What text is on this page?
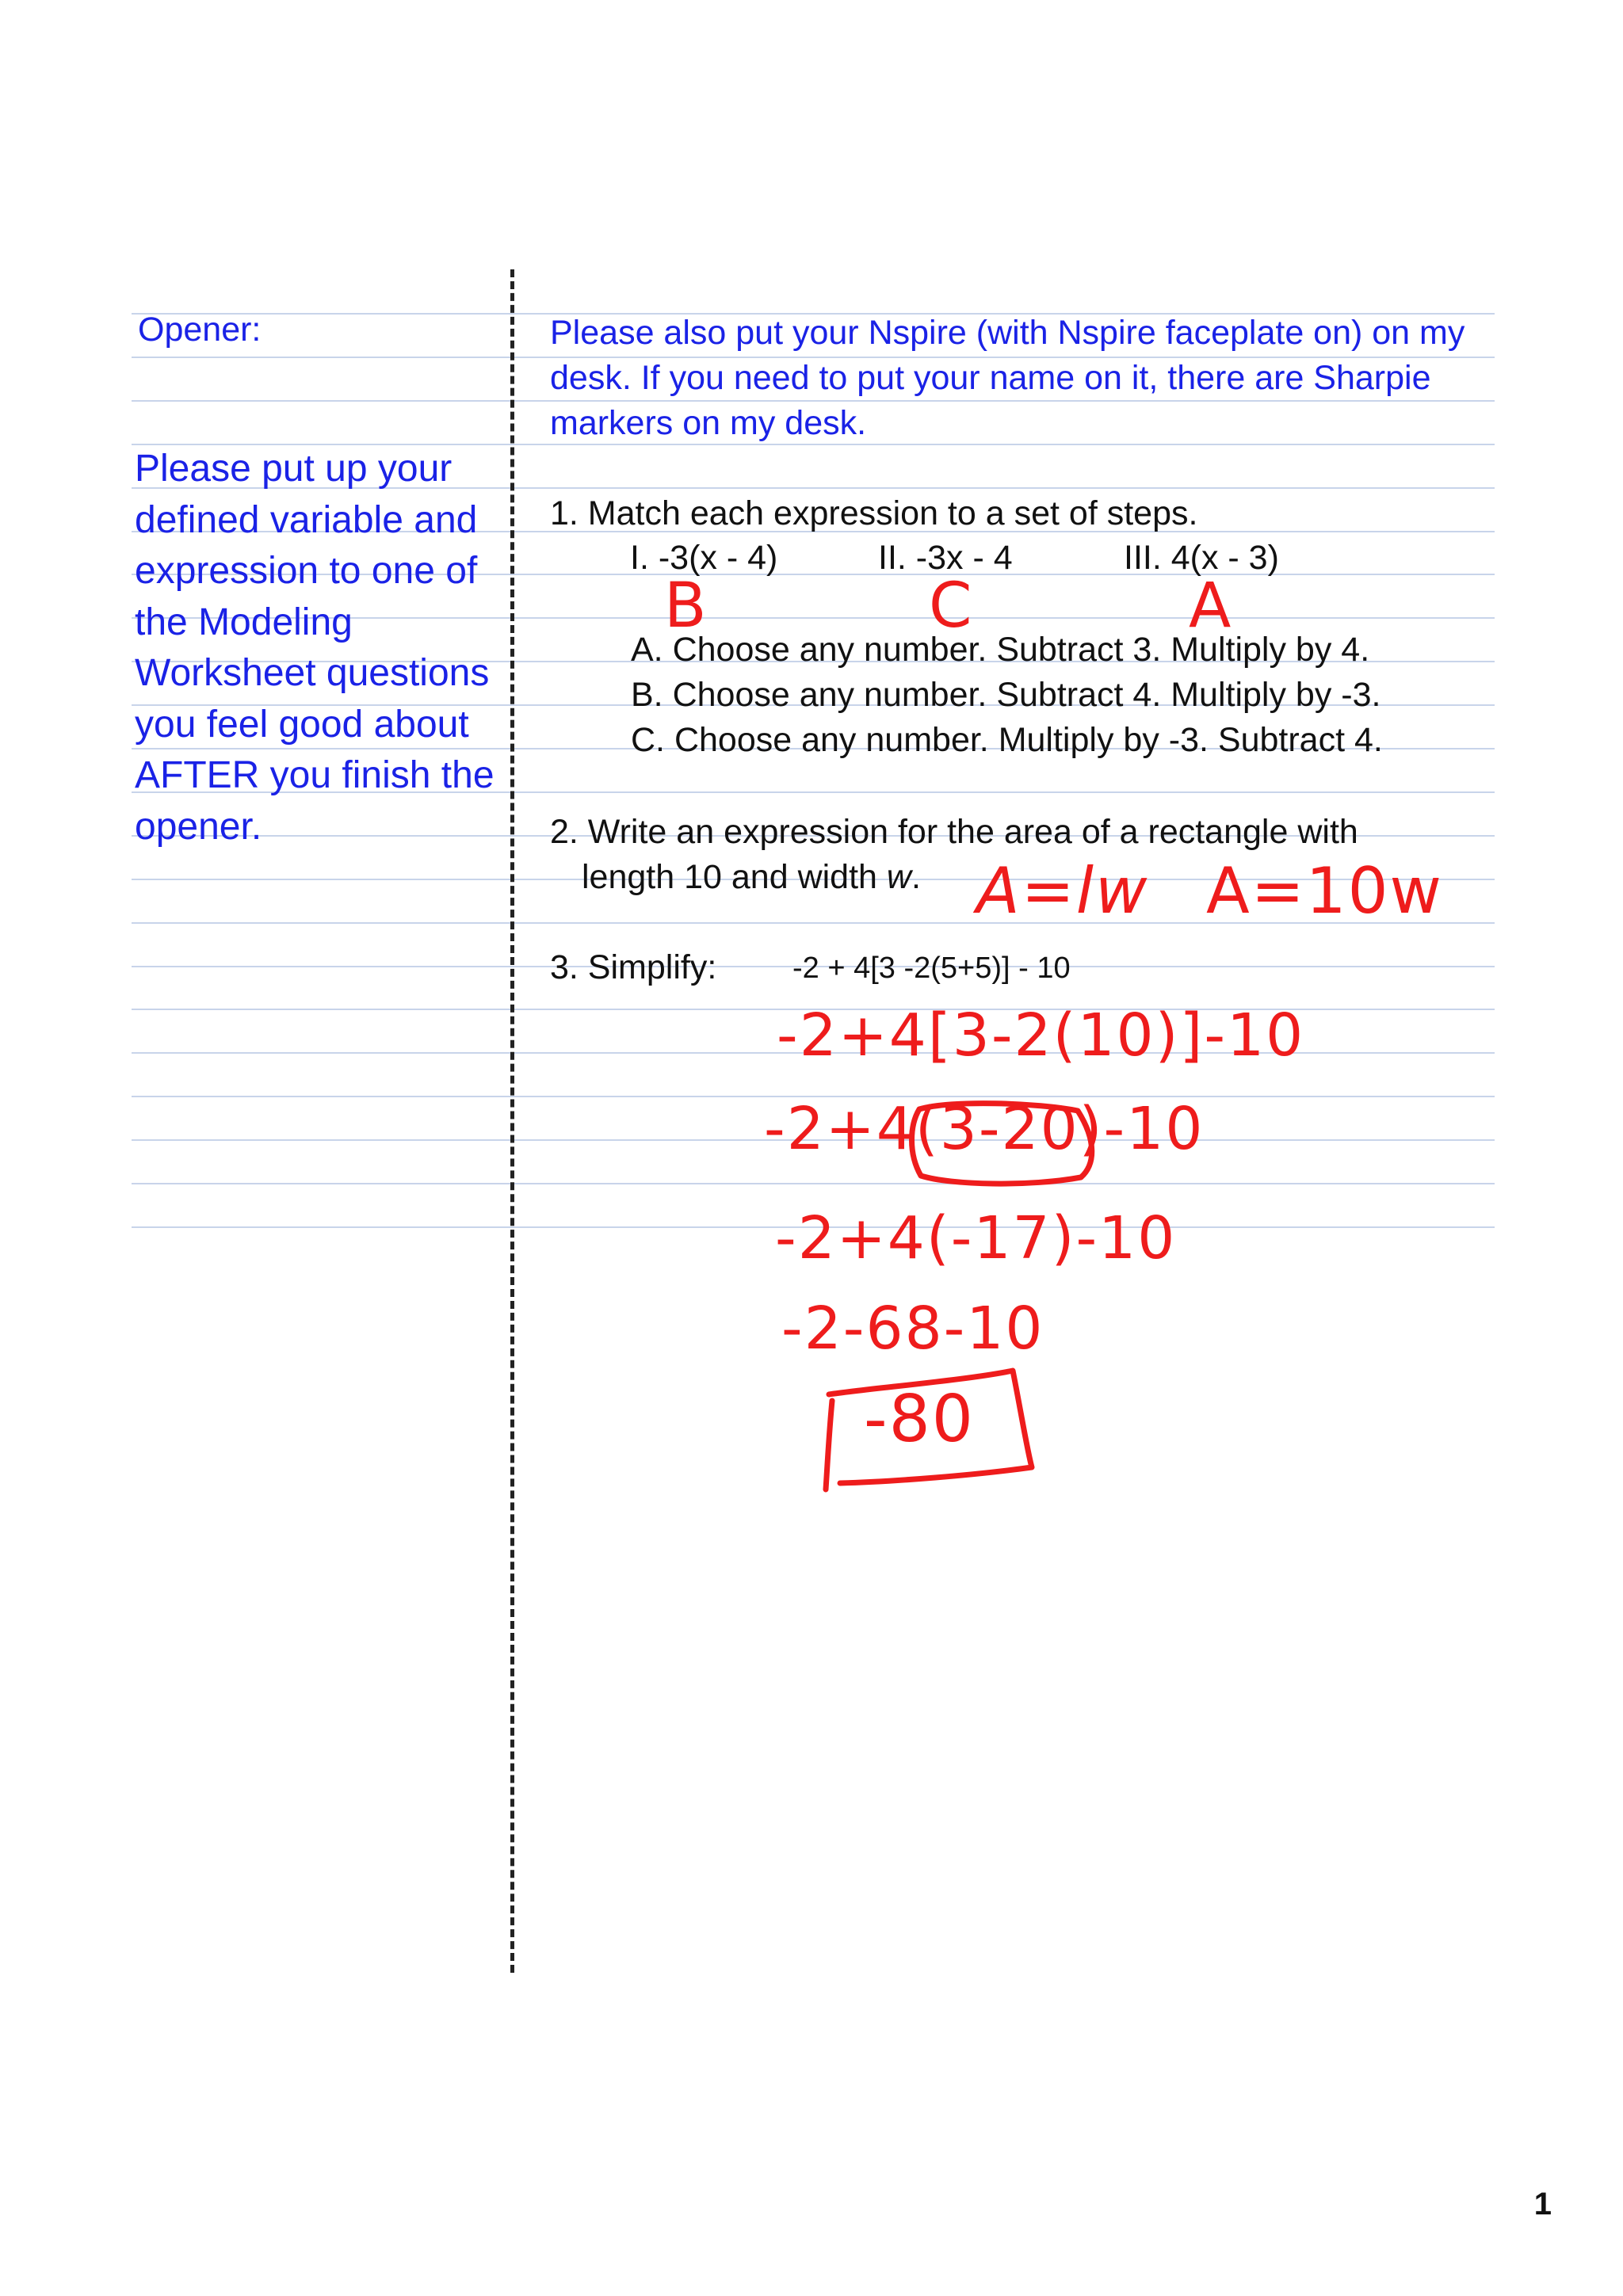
Opener:
Please put up your
defined variable and
expression to one of
the Modeling
Worksheet questions
you feel good about
AFTER you finish the
opener.
Please also put your Nspire (with Nspire faceplate on) on my
desk. If you need to put your name on it, there are Sharpie
markers on my desk.
1. Match each expression to a set of steps.
I. -3(x - 4)	II. -3x - 4	III. 4(x - 3)
B	C	A
A. Choose any number. Subtract 3. Multiply by 4.
B. Choose any number. Subtract 4. Multiply by -3.
C. Choose any number. Multiply by -3. Subtract 4.
2. Write an expression for the area of a rectangle with
length 10 and width w. A=lw A=10w
3. Simplify:	-2 + 4[3 -2(5+5)] - 10
-2+4[3-2(10)]-10
-2+4(3-20)-10
-2+4(-17)-10
-2-68-10
-80
1
